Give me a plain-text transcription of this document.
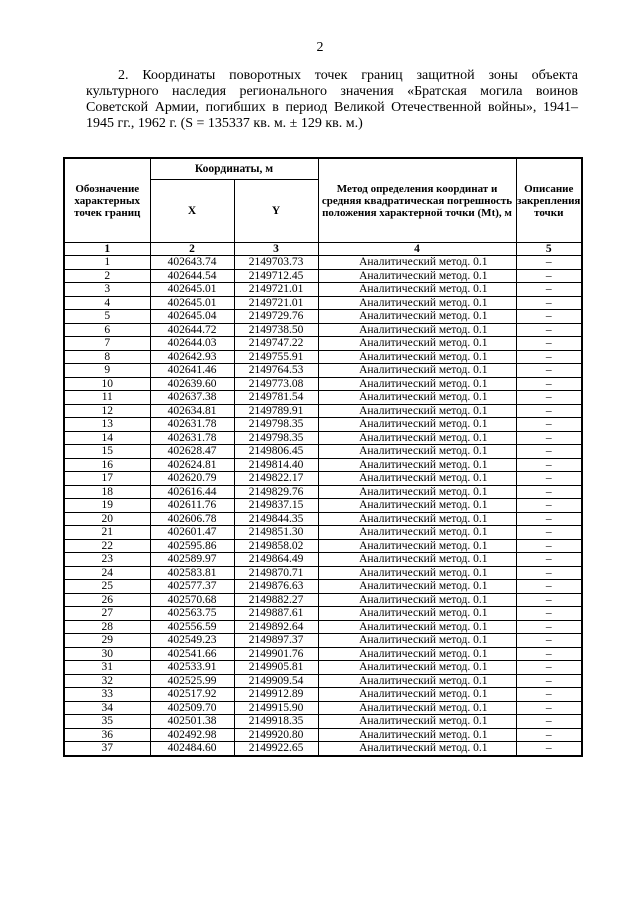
2
2. Координаты поворотных точек границ защитной зоны объекта культурного наследия регионального значения «Братская могила воинов Советской Армии, погибших в период Великой Отечественной войны», 1941–1945 гг., 1962 г. (S = 135337 кв. м. ± 129 кв. м.)
Обозначение характерных точек границ	Координаты, м		Метод определения координат и средняя квадратическая погрешность положения характерной точки (Mt), м	Описание закрепления точки
	X	Y		
1	2	3	4	5
1	402643.74	2149703.73	Аналитический метод. 0.1	–
2	402644.54	2149712.45	Аналитический метод. 0.1	–
3	402645.01	2149721.01	Аналитический метод. 0.1	–
4	402645.01	2149721.01	Аналитический метод. 0.1	–
5	402645.04	2149729.76	Аналитический метод. 0.1	–
6	402644.72	2149738.50	Аналитический метод. 0.1	–
7	402644.03	2149747.22	Аналитический метод. 0.1	–
8	402642.93	2149755.91	Аналитический метод. 0.1	–
9	402641.46	2149764.53	Аналитический метод. 0.1	–
10	402639.60	2149773.08	Аналитический метод. 0.1	–
11	402637.38	2149781.54	Аналитический метод. 0.1	–
12	402634.81	2149789.91	Аналитический метод. 0.1	–
13	402631.78	2149798.35	Аналитический метод. 0.1	–
14	402631.78	2149798.35	Аналитический метод. 0.1	–
15	402628.47	2149806.45	Аналитический метод. 0.1	–
16	402624.81	2149814.40	Аналитический метод. 0.1	–
17	402620.79	2149822.17	Аналитический метод. 0.1	–
18	402616.44	2149829.76	Аналитический метод. 0.1	–
19	402611.76	2149837.15	Аналитический метод. 0.1	–
20	402606.78	2149844.35	Аналитический метод. 0.1	–
21	402601.47	2149851.30	Аналитический метод. 0.1	–
22	402595.86	2149858.02	Аналитический метод. 0.1	–
23	402589.97	2149864.49	Аналитический метод. 0.1	–
24	402583.81	2149870.71	Аналитический метод. 0.1	–
25	402577.37	2149876.63	Аналитический метод. 0.1	–
26	402570.68	2149882.27	Аналитический метод. 0.1	–
27	402563.75	2149887.61	Аналитический метод. 0.1	–
28	402556.59	2149892.64	Аналитический метод. 0.1	–
29	402549.23	2149897.37	Аналитический метод. 0.1	–
30	402541.66	2149901.76	Аналитический метод. 0.1	–
31	402533.91	2149905.81	Аналитический метод. 0.1	–
32	402525.99	2149909.54	Аналитический метод. 0.1	–
33	402517.92	2149912.89	Аналитический метод. 0.1	–
34	402509.70	2149915.90	Аналитический метод. 0.1	–
35	402501.38	2149918.35	Аналитический метод. 0.1	–
36	402492.98	2149920.80	Аналитический метод. 0.1	–
37	402484.60	2149922.65	Аналитический метод. 0.1	–
